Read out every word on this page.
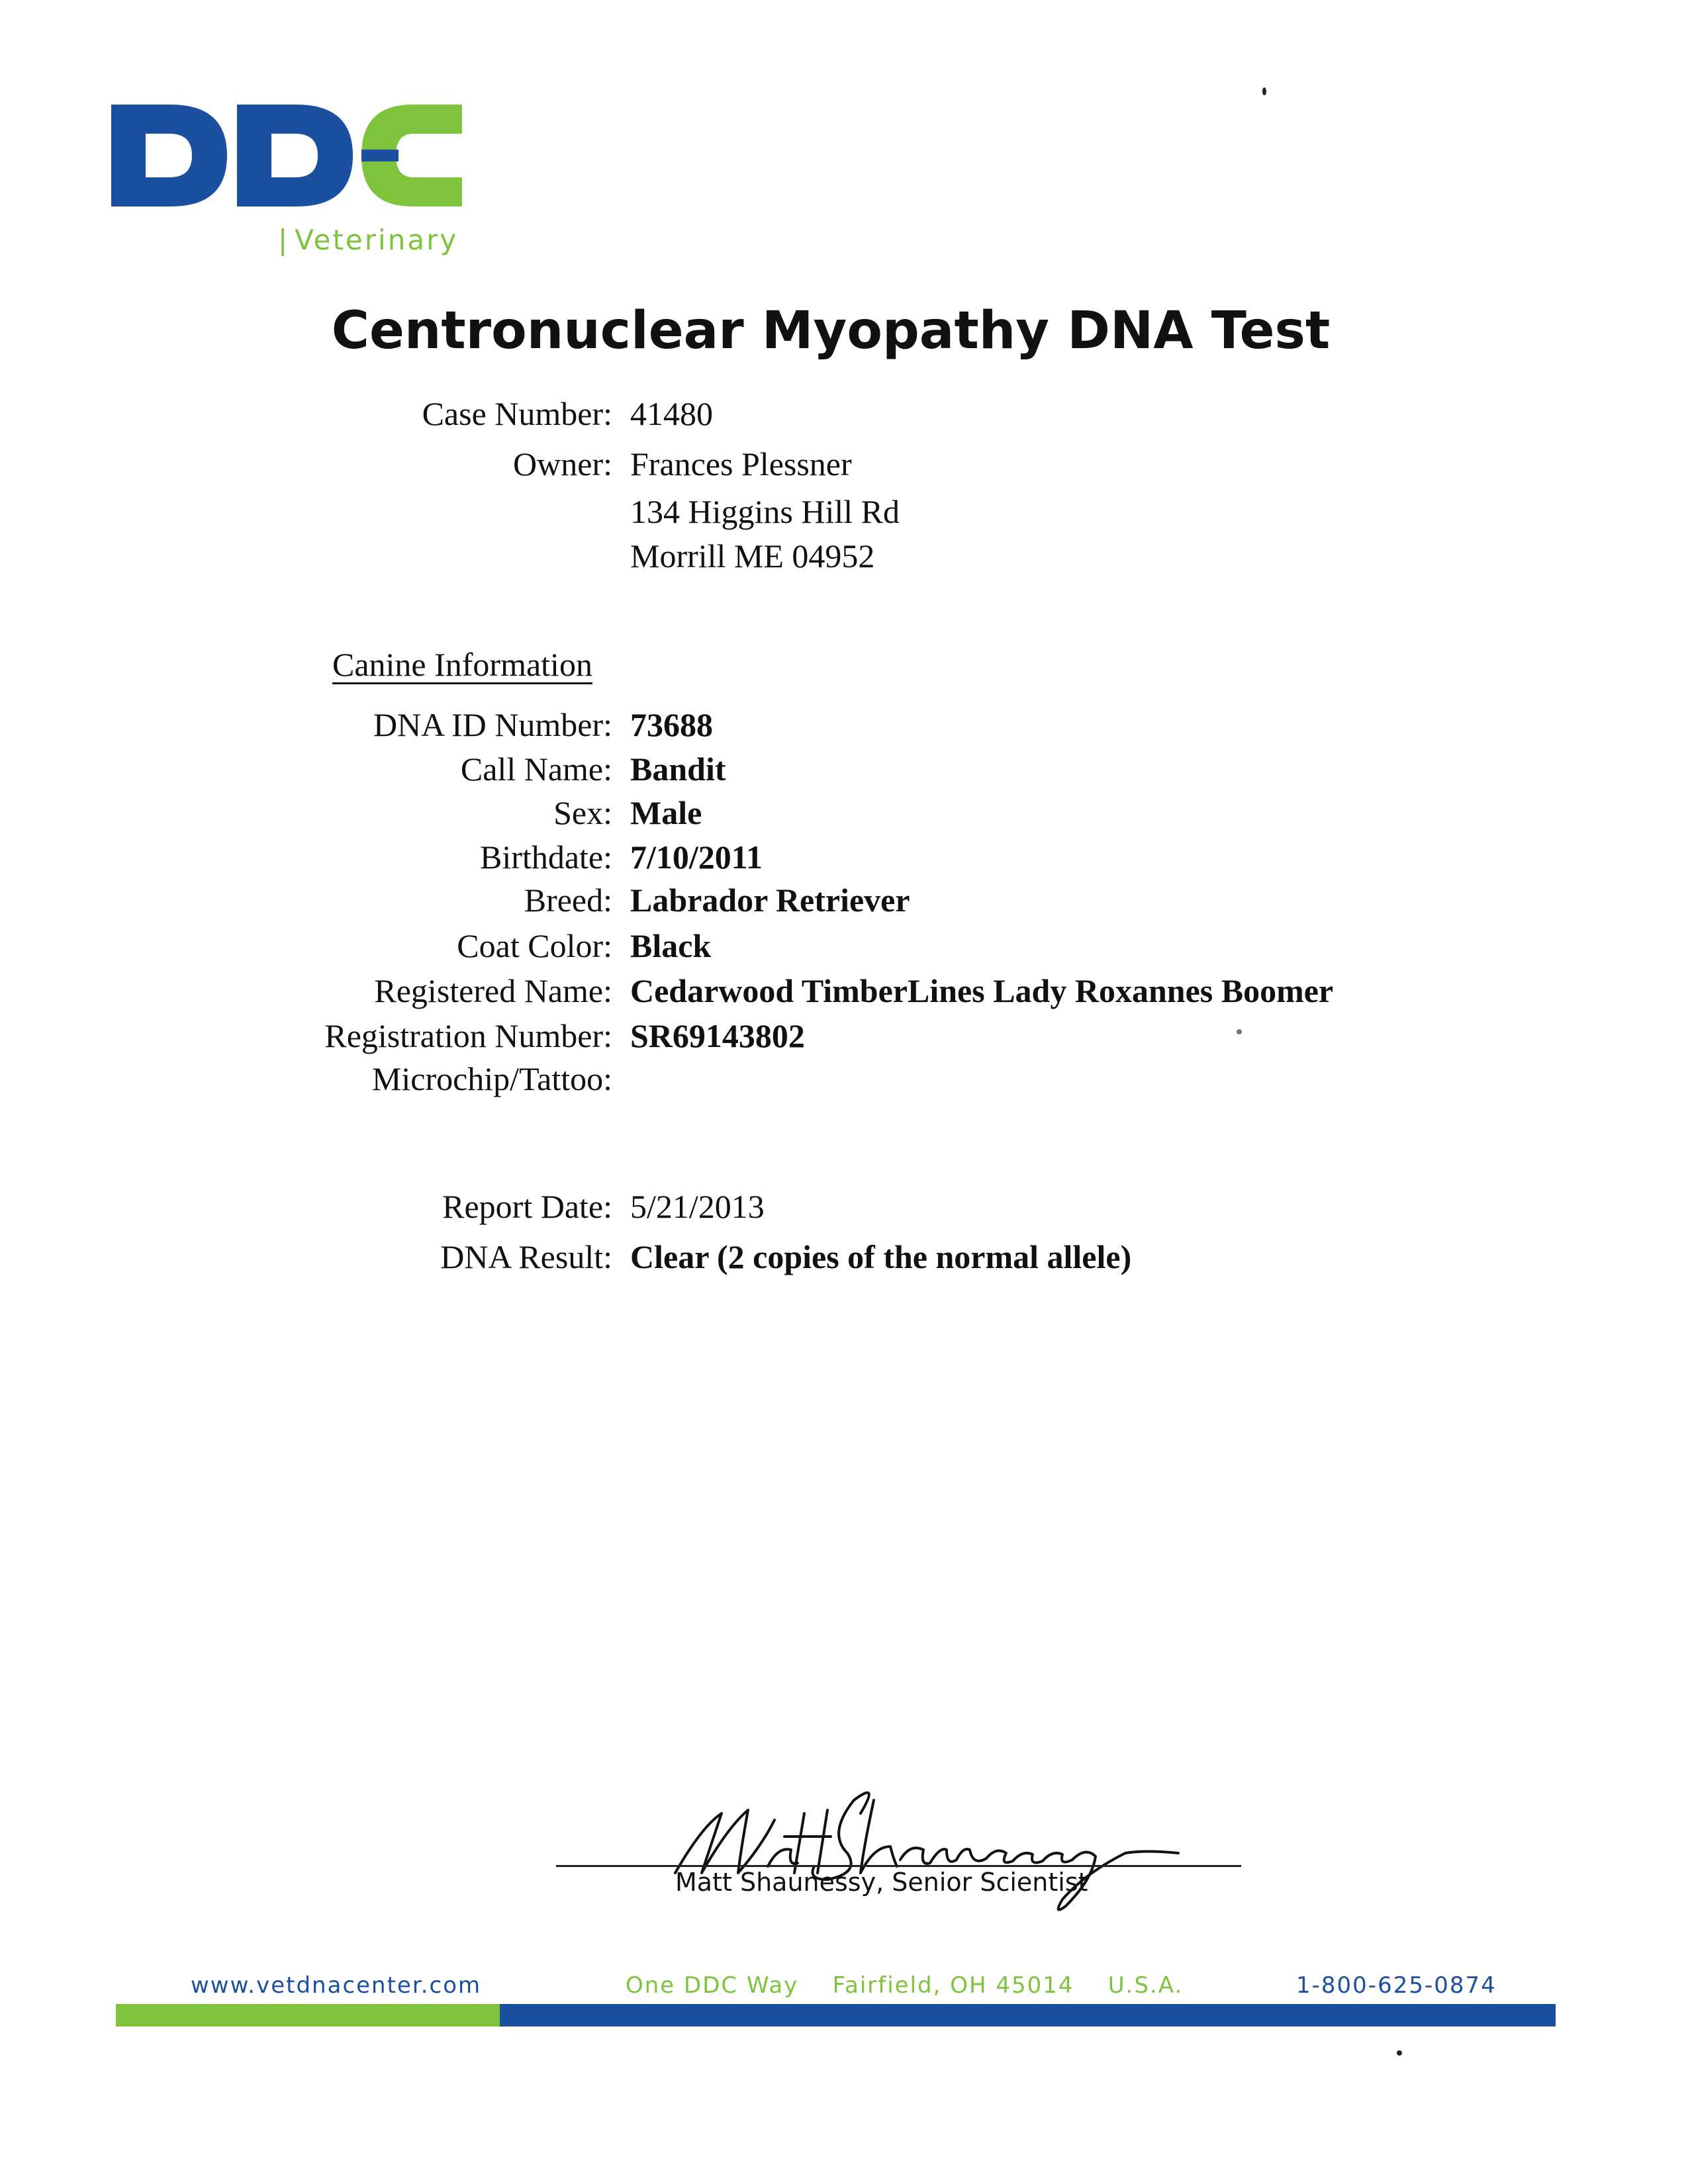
| Veterinary
Centronuclear Myopathy DNA Test
Case Number: 41480
Owner: Frances Plessner
134 Higgins Hill Rd
Morrill ME 04952
Canine Information
DNA ID Number: 73688
Call Name: Bandit
Sex: Male
Birthdate: 7/10/2011
Breed: Labrador Retriever
Coat Color: Black
Registered Name: Cedarwood TimberLines Lady Roxannes Boomer
Registration Number: SR69143802
Microchip/Tattoo:
Report Date: 5/21/2013
DNA Result: Clear (2 copies of the normal allele)
Matt Shaunessy, Senior Scientist
www.vetdnacenter.com	One DDC Way    Fairfield, OH 45014    U.S.A.	1-800-625-0874
